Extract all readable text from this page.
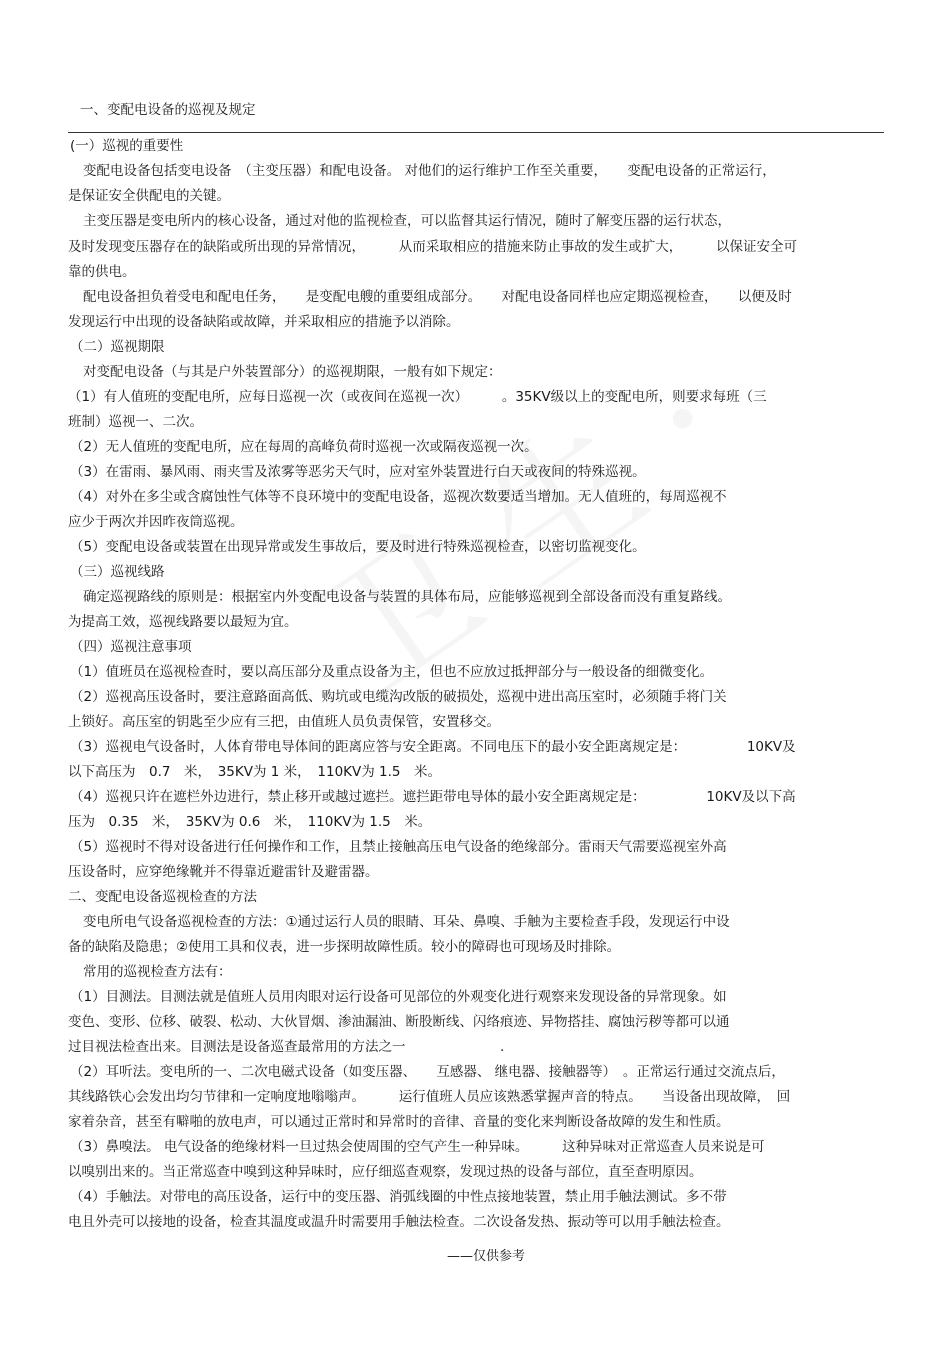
一、变配电设备的巡视及规定
(一）巡视的重要性
变配电设备包括变电设备　（主变压器）和配电设备。 对他们的运行维护工作至关重要，　　变配电设备的正常运行，
是保证安全供配电的关键。
主变压器是变电所内的核心设备，通过对他的监视检查，可以监督其运行情况，随时了解变压器的运行状态，
及时发现变压器存在的缺陷或所出现的异常情况，　　　从而采取相应的措施来防止事故的发生或扩大，　　　以保证安全可
靠的供电。
配电设备担负着受电和配电任务，　　是变配电艘的重要组成部分。　　对配电设备同样也应定期巡视检查，　　以便及时
发现运行中出现的设备缺陷或故障，并采取相应的措施予以消除。
（二）巡视期限
对变配电设备（与其是户外装置部分）的巡视期限，一般有如下规定：
（1）有人值班的变配电所，应每日巡视一次（或夜间在巡视一次）　　　。35KV级以上的变配电所，则要求每班（三
班制）巡视一、二次。
（2）无人值班的变配电所，应在每周的高峰负荷时巡视一次或隔夜巡视一次。
（3）在雷雨、暴风雨、雨夹雪及浓雾等恶劣天气时，应对室外装置进行白天或夜间的特殊巡视。
（4）对外在多尘或含腐蚀性气体等不良环境中的变配电设备，巡视次数要适当增加。无人值班的，每周巡视不
应少于两次并因昨夜筒巡视。
（5）变配电设备或装置在出现异常或发生事故后，要及时进行特殊巡视检查，以密切监视变化。
（三）巡视线路
确定巡视路线的原则是：根据室内外变配电设备与装置的具体布局，应能够巡视到全部设备而没有重复路线。
为提高工效，巡视线路要以最短为宜。
（四）巡视注意事项
（1）值班员在巡视检查时，要以高压部分及重点设备为主，但也不应放过抵押部分与一般设备的细微变化。
（2）巡视高压设备时，要注意路面高低、购坑或电缆沟改版的破损处，巡视中进出高压室时，必须随手将门关
上锁好。高压室的钥匙至少应有三把，由值班人员负责保管，安置移交。
（3）巡视电气设备时，人体育带电导体间的距离应答与安全距离。不同电压下的最小安全距离规定是：　　　　　10KV及
以下高压为　0.7　米，　35KV为 1 米，　110KV为 1.5　米。
（4）巡视只许在遮栏外边进行，禁止移开或越过遮拦。遮拦距带电导体的最小安全距离规定是：　　　　　10KV及以下高
压为　0.35　米，　35KV为 0.6　米，　110KV为 1.5　米。
（5）巡视时不得对设备进行任何操作和工作，且禁止接触高压电气设备的绝缘部分。雷雨天气需要巡视室外高
压设备时，应穿绝缘靴并不得靠近避雷针及避雷器。
二、变配电设备巡视检查的方法
变电所电气设备巡视检查的方法：①通过运行人员的眼睛、耳朵、鼻嗅、手触为主要检查手段，发现运行中设
备的缺陷及隐患；②使用工具和仪表，进一步探明故障性质。较小的障碍也可现场及时排除。
常用的巡视检查方法有：
（1）目测法。目测法就是值班人员用肉眼对运行设备可见部位的外观变化进行观察来发现设备的异常现象。如
变色、变形、位移、破裂、松动、大伙冒烟、渗油漏油、断股断线、闪络痕迹、异物搭挂、腐蚀污秽等都可以通
过目视法检查出来。目测法是设备巡查最常用的方法之一　　　　　　　.
（2）耳听法。变电所的一、二次电磁式设备（如变压器、　　互感器、 继电器、接触器等）　。正常运行通过交流点后，
其线路铁心会发出均匀节律和一定响度地嗡嗡声。　　　运行值班人员应该熟悉掌握声音的特点。　　当设备出现故障，　回
家着杂音，甚至有噼啪的放电声，可以通过正常时和异常时的音律、音量的变化来判断设备故障的发生和性质。
（3）鼻嗅法。 电气设备的绝缘材料一旦过热会使周围的空气产生一种异味。　　　这种异味对正常巡查人员来说是可
以嗅别出来的。当正常巡查中嗅到这种异味时，应仔细巡查观察，发现过热的设备与部位，直至查明原因。
（4）手触法。对带电的高压设备，运行中的变压器、消弧线圈的中性点接地装置，禁止用手触法测试。多不带
电且外壳可以接地的设备，检查其温度或温升时需要用手触法检查。二次设备发热、振动等可以用手触法检查。
——仅供参考
